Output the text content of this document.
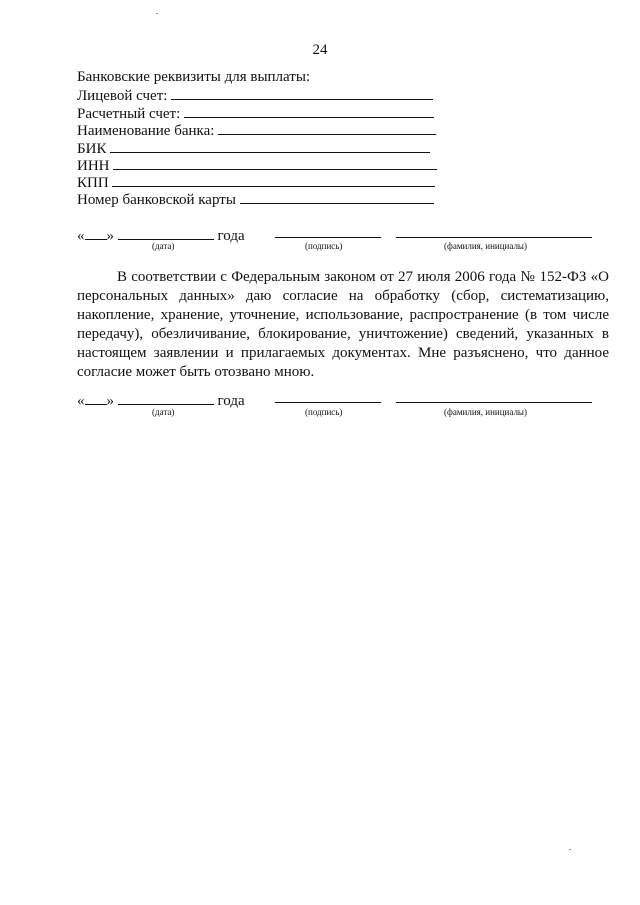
24
Банковские реквизиты для выплаты:
Лицевой счет:
Расчетный счет:
Наименование банка:
БИК
ИНН
КПП
Номер банковской карты
« »	года
(дата)	(подпись)	(фамилия, инициалы)
В соответствии с Федеральным законом от 27 июля 2006 года № 152-ФЗ «О персональных данных» даю согласие на обработку (сбор, систематизацию, накопление, хранение, уточнение, использование, распространение (в том числе передачу), обезличивание, блокирование, уничтожение) сведений, указанных в настоящем заявлении и прилагаемых документах. Мне разъяснено, что данное согласие может быть отозвано мною.
« »	года
(дата)	(подпись)	(фамилия, инициалы)
